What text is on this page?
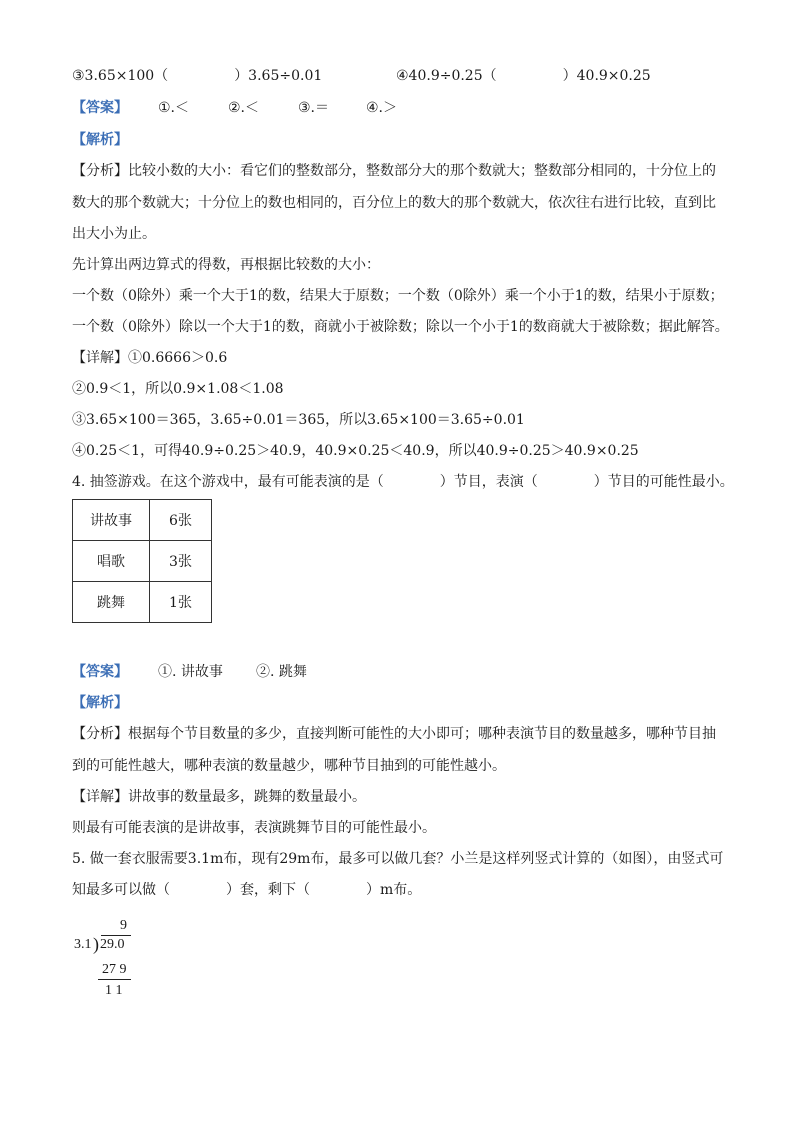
③3.65×100（	）3.65÷0.01	④40.9÷0.25（	）40.9×0.25
【答案】 ①.＜	②.＜	③.＝	④.＞
【解析】
【分析】比较小数的大小：看它们的整数部分，整数部分大的那个数就大；整数部分相同的，十分位上的
数大的那个数就大；十分位上的数也相同的，百分位上的数大的那个数就大，依次往右进行比较，直到比
出大小为止。
先计算出两边算式的得数，再根据比较数的大小：
一个数（0除外）乘一个大于1的数，结果大于原数；一个数（0除外）乘一个小于1的数，结果小于原数；
一个数（0除外）除以一个大于1的数，商就小于被除数；除以一个小于1的数商就大于被除数；据此解答。
【详解】①0.6666＞0.6
②0.9＜1，所以0.9×1.08＜1.08
③3.65×100＝365，3.65÷0.01＝365，所以3.65×100＝3.65÷0.01
④0.25＜1，可得40.9÷0.25＞40.9，40.9×0.25＜40.9，所以40.9÷0.25＞40.9×0.25
4. 抽签游戏。在这个游戏中，最有可能表演的是（　　　　）节目，表演（　　　　）节目的可能性最小。
讲故事	6张
唱歌	3张
跳舞	1张
【答案】 ①. 讲故事 ②. 跳舞
【解析】
【分析】根据每个节目数量的多少，直接判断可能性的大小即可；哪种表演节目的数量越多，哪种节目抽
到的可能性越大，哪种表演的数量越少，哪种节目抽到的可能性越小。
【详解】讲故事的数量最多，跳舞的数量最小。
则最有可能表演的是讲故事，表演跳舞节目的可能性最小。
5. 做一套衣服需要3.1m布，现有29m布，最多可以做几套？小兰是这样列竖式计算的（如图），由竖式可
知最多可以做（　　　　）套，剩下（　　　　）m布。
9
3.1 ) 29.0
27 9
1 1
